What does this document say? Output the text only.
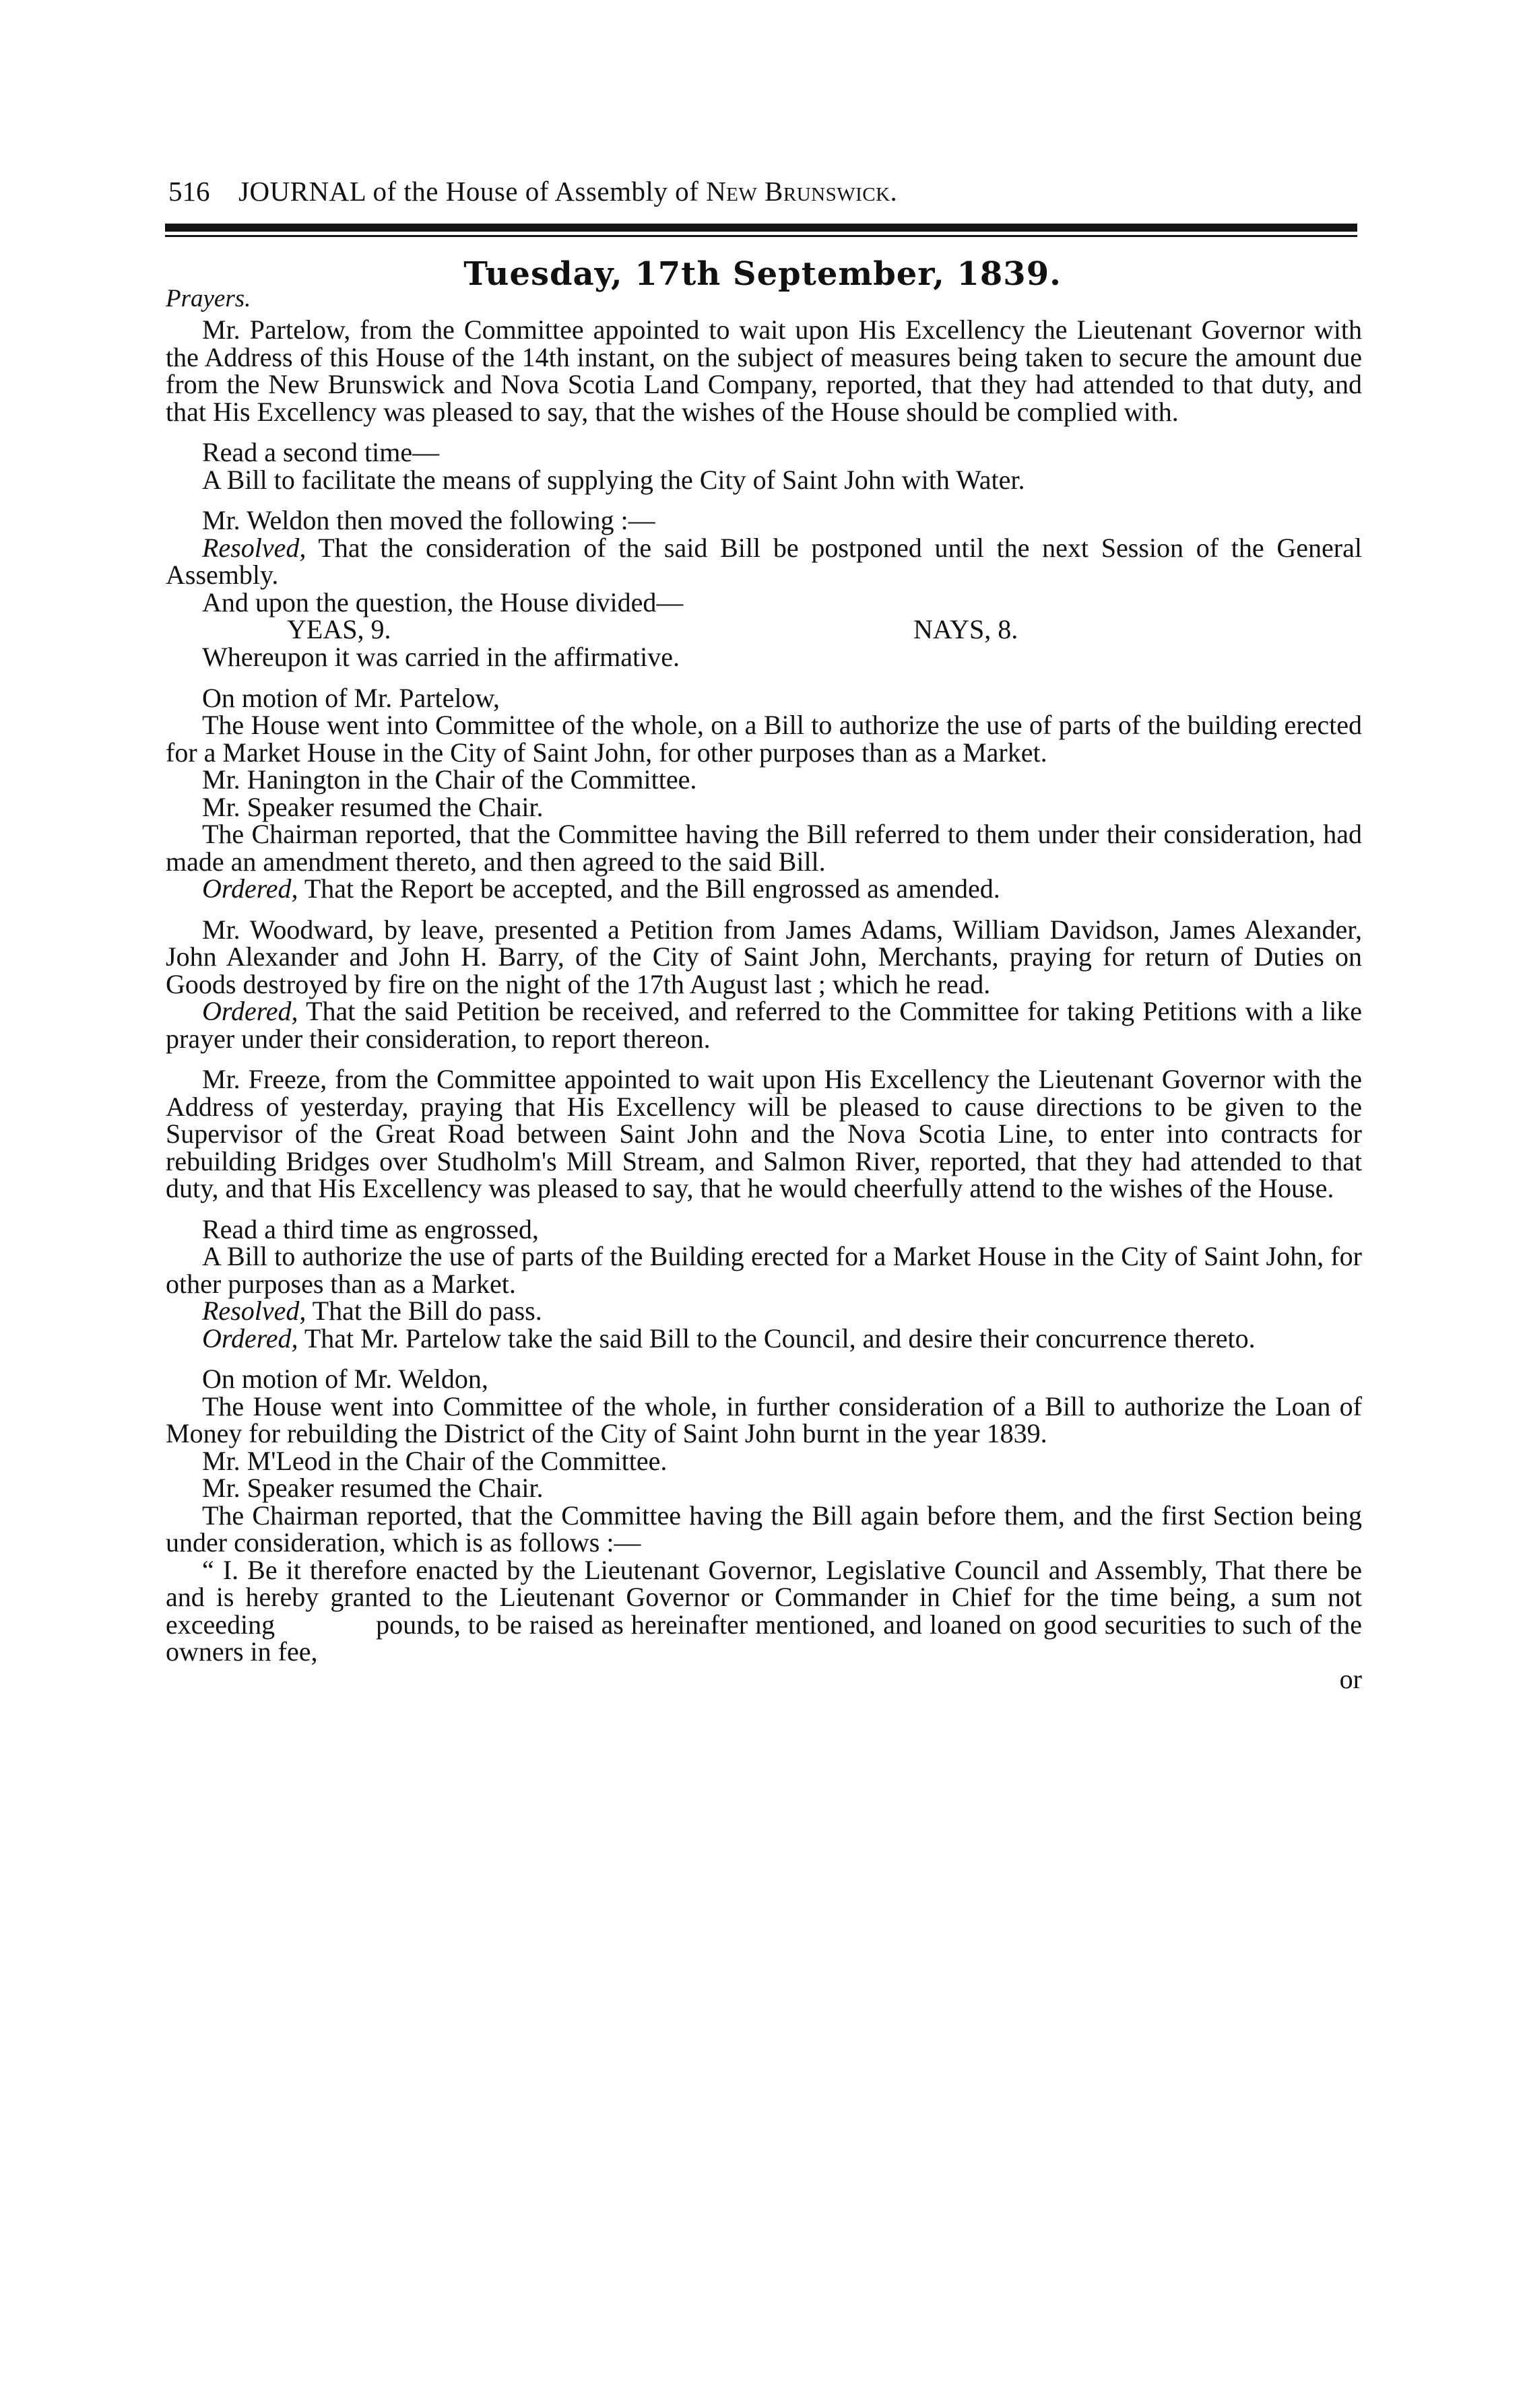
516 JOURNAL of the House of Assembly of New Brunswick.
Tuesday, 17th September, 1839.
Prayers.

Mr. Partelow, from the Committee appointed to wait upon His Excellency the Lieutenant Governor with the Address of this House of the 14th instant, on the subject of measures being taken to secure the amount due from the New Brunswick and Nova Scotia Land Company, reported, that they had attended to that duty, and that His Excellency was pleased to say, that the wishes of the House should be complied with.

Read a second time—

A Bill to facilitate the means of supplying the City of Saint John with Water.

Mr. Weldon then moved the following :—

Resolved, That the consideration of the said Bill be postponed until the next Session of the General Assembly.

And upon the question, the House divided—

YEAS, 9.	NAYS, 8.

Whereupon it was carried in the affirmative.

On motion of Mr. Partelow,

The House went into Committee of the whole, on a Bill to authorize the use of parts of the building erected for a Market House in the City of Saint John, for other purposes than as a Market.

Mr. Hanington in the Chair of the Committee.

Mr. Speaker resumed the Chair.

The Chairman reported, that the Committee having the Bill referred to them under their consideration, had made an amendment thereto, and then agreed to the said Bill.

Ordered, That the Report be accepted, and the Bill engrossed as amended.

Mr. Woodward, by leave, presented a Petition from James Adams, William Davidson, James Alexander, John Alexander and John H. Barry, of the City of Saint John, Merchants, praying for return of Duties on Goods destroyed by fire on the night of the 17th August last ; which he read.

Ordered, That the said Petition be received, and referred to the Committee for taking Petitions with a like prayer under their consideration, to report thereon.

Mr. Freeze, from the Committee appointed to wait upon His Excellency the Lieutenant Governor with the Address of yesterday, praying that His Excellency will be pleased to cause directions to be given to the Supervisor of the Great Road between Saint John and the Nova Scotia Line, to enter into contracts for rebuilding Bridges over Studholm's Mill Stream, and Salmon River, reported, that they had attended to that duty, and that His Excellency was pleased to say, that he would cheerfully attend to the wishes of the House.

Read a third time as engrossed,

A Bill to authorize the use of parts of the Building erected for a Market House in the City of Saint John, for other purposes than as a Market.

Resolved, That the Bill do pass.

Ordered, That Mr. Partelow take the said Bill to the Council, and desire their concurrence thereto.

On motion of Mr. Weldon,

The House went into Committee of the whole, in further consideration of a Bill to authorize the Loan of Money for rebuilding the District of the City of Saint John burnt in the year 1839.

Mr. M'Leod in the Chair of the Committee.

Mr. Speaker resumed the Chair.

The Chairman reported, that the Committee having the Bill again before them, and the first Section being under consideration, which is as follows :—

“ I. Be it therefore enacted by the Lieutenant Governor, Legislative Council and Assembly, That there be and is hereby granted to the Lieutenant Governor or Commander in Chief for the time being, a sum not exceeding	pounds, to be raised as hereinafter mentioned, and loaned on good securities to such of the owners in fee,

or
